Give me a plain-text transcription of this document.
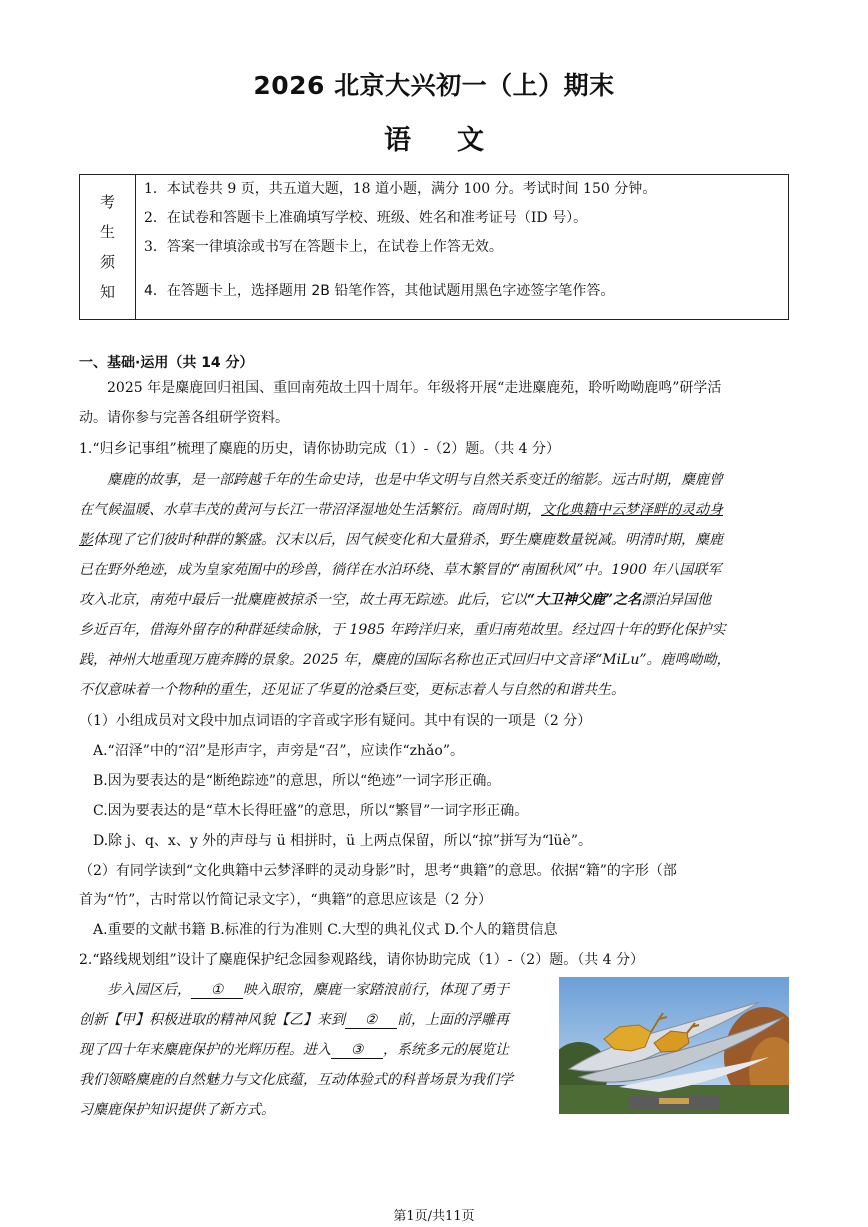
2026 北京大兴初一（上）期末
语文
考
生
须
知
1．本试卷共 9 页，共五道大题，18 道小题，满分 100 分。考试时间 150 分钟。
2．在试卷和答题卡上准确填写学校、班级、姓名和准考证号（ID 号）。
3．答案一律填涂或书写在答题卡上，在试卷上作答无效。
4．在答题卡上，选择题用 2B 铅笔作答，其他试题用黑色字迹签字笔作答。
一、基础·运用（共 14 分）
2025 年是麋鹿回归祖国、重回南苑故土四十周年。年级将开展“走进麋鹿苑，聆听呦呦鹿鸣”研学活
动。请你参与完善各组研学资料。
1.“归乡记事组”梳理了麋鹿的历史，请你协助完成（1）-（2）题。（共 4 分）
麋鹿的故事，是一部跨越千年的生命史诗，也是中华文明与自然关系变迁的缩影。远古时期，麋鹿曾
在气候温暖、水草丰茂的黄河与长江一带沼泽湿地处生活繁衍。商周时期，文化典籍中云梦泽畔的灵动身
影体现了它们彼时种群的繁盛。汉末以后，因气候变化和大量猎杀，野生麋鹿数量锐减。明清时期，麋鹿
已在野外绝迹，成为皇家苑囿中的珍兽，徜徉在水泊环绕、草木繁冒的“南囿秋风”中。1900 年八国联军
攻入北京，南苑中最后一批麋鹿被掠杀一空，故土再无踪迹。此后，它以“大卫神父鹿”之名漂泊异国他
乡近百年，借海外留存的种群延续命脉，于 1985 年跨洋归来，重归南苑故里。经过四十年的野化保护实
践，神州大地重现万鹿奔腾的景象。2025 年，麋鹿的国际名称也正式回归中文音译“MiLu”。鹿鸣呦呦，
不仅意味着一个物种的重生，还见证了华夏的沧桑巨变，更标志着人与自然的和谐共生。
（1）小组成员对文段中加点词语的字音或字形有疑问。其中有误的一项是（2 分）
A.“沼泽”中的“沼”是形声字，声旁是“召”，应读作“zhǎo”。
B.因为要表达的是“断绝踪迹”的意思，所以“绝迹”一词字形正确。
C.因为要表达的是“草木长得旺盛”的意思，所以“繁冒”一词字形正确。
D.除 j、q、x、y 外的声母与 ü 相拼时，ü 上两点保留，所以“掠”拼写为“lüè”。
（2）有同学读到“文化典籍中云梦泽畔的灵动身影”时，思考“典籍”的意思。依据“籍”的字形（部
首为“竹”，古时常以竹简记录文字），“典籍”的意思应该是（2 分）
A.重要的文献书籍 B.标准的行为准则 C.大型的典礼仪式 D.个人的籍贯信息
2.“路线规划组”设计了麋鹿保护纪念园参观路线，请你协助完成（1）-（2）题。（共 4 分）
步入园区后， ① 映入眼帘，麋鹿一家踏浪前行，体现了勇于
创新【甲】积极进取的精神风貌【乙】来到 ② 前，上面的浮雕再
现了四十年来麋鹿保护的光辉历程。进入 ③ ，系统多元的展览让
我们领略麋鹿的自然魅力与文化底蕴，互动体验式的科普场景为我们学
习麋鹿保护知识提供了新方式。
第1页/共11页
